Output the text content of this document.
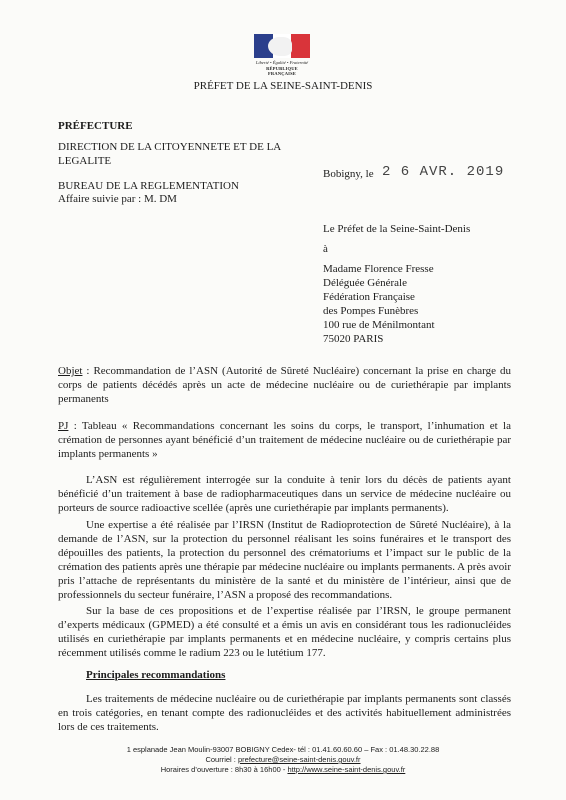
Liberté • Égalité • Fraternité
RÉPUBLIQUE FRANÇAISE
PRÉFET DE LA SEINE-SAINT-DENIS
PRÉFECTURE
DIRECTION DE LA CITOYENNETE ET DE LA
LEGALITE
BUREAU DE LA REGLEMENTATION
Affaire suivie par : M. DM
Bobigny, le 2 6 AVR. 2019
Le Préfet de la Seine-Saint-Denis
à
Madame Florence Fresse
Déléguée Générale
Fédération Française
des Pompes Funèbres
100 rue de Ménilmontant
75020 PARIS
Objet : Recommandation de l’ASN (Autorité de Sûreté Nucléaire) concernant la prise en charge du corps de patients décédés après un acte de médecine nucléaire ou de curiethérapie par implants permanents
PJ : Tableau « Recommandations concernant les soins du corps, le transport, l’inhumation et la crémation de personnes ayant bénéficié d’un traitement de médecine nucléaire ou de curiethérapie par implants permanents »
L’ASN est régulièrement interrogée sur la conduite à tenir lors du décès de patients ayant bénéficié d’un traitement à base de radiopharmaceutiques dans un service de médecine nucléaire ou porteurs de source radioactive scellée (après une curiethérapie par implants permanents).
Une expertise a été réalisée par l’IRSN (Institut de Radioprotection de Sûreté Nucléaire), à la demande de l’ASN, sur la protection du personnel réalisant les soins funéraires et le transport des dépouilles des patients, la protection du personnel des crématoriums et l’impact sur le public de la crémation des patients après une thérapie par médecine nucléaire ou implants permanents. A près avoir pris l’attache de représentants du ministère de la santé et du ministère de l’intérieur, ainsi que de professionnels du secteur funéraire, l’ASN a proposé des recommandations.
Sur la base de ces propositions et de l’expertise réalisée par l’IRSN, le groupe permanent d’experts médicaux (GPMED) a été consulté et a émis un avis en considérant tous les radionucléides utilisés en curiethérapie par implants permanents et en médecine nucléaire, y compris certains plus récemment utilisés comme le radium 223 ou le lutétium 177.
Principales recommandations
Les traitements de médecine nucléaire ou de curiethérapie par implants permanents sont classés en trois catégories, en tenant compte des radionucléides et des activités habituellement administrées lors de ces traitements.
1 esplanade Jean Moulin-93007 BOBIGNY Cedex- tél : 01.41.60.60.60 – Fax : 01.48.30.22.88
Courriel : prefecture@seine-saint-denis.gouv.fr
Horaires d’ouverture : 8h30 à 16h00 - http://www.seine-saint-denis.gouv.fr
